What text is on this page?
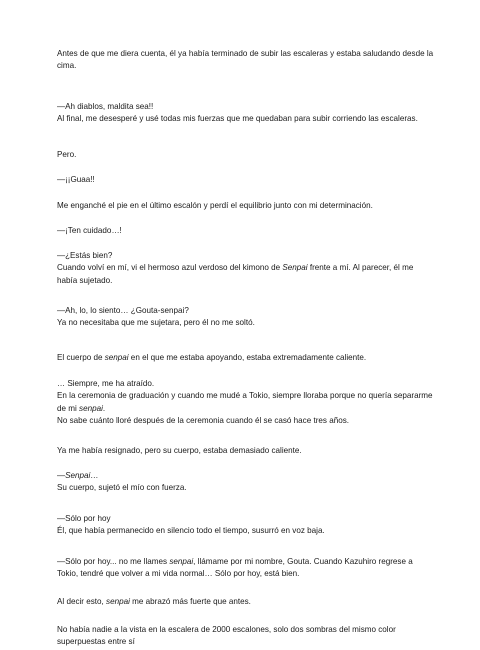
Antes de que me diera cuenta, él ya había terminado de subir las escaleras y estaba saludando desde la
cima.

—Ah diablos, maldita sea!!
Al final, me desesperé y usé todas mis fuerzas que me quedaban para subir corriendo las escaleras.

Pero.

—¡¡Guaa!!

Me enganché el pie en el último escalón y perdí el equilibrio junto con mi determinación.

—¡Ten cuidado…!

—¿Estás bien?
Cuando volví en mí, vi el hermoso azul verdoso del kimono de Senpai frente a mí. Al parecer, él me
había sujetado.

—Ah, lo, lo siento… ¿Gouta-senpai?
Ya no necesitaba que me sujetara, pero él no me soltó.

El cuerpo de senpai en el que me estaba apoyando, estaba extremadamente caliente.

… Siempre, me ha atraído.
En la ceremonia de graduación y cuando me mudé a Tokio, siempre lloraba porque no quería separarme
de mi senpai.
No sabe cuánto lloré después de la ceremonia cuando él se casó hace tres años.

Ya me había resignado, pero su cuerpo, estaba demasiado caliente.

—Senpai…
Su cuerpo, sujetó el mío con fuerza.

—Sólo por hoy
Él, que había permanecido en silencio todo el tiempo, susurró en voz baja.

—Sólo por hoy... no me llames senpai, llámame por mi nombre, Gouta. Cuando Kazuhiro regrese a
Tokio, tendré que volver a mi vida normal… Sólo por hoy, está bien.

Al decir esto, senpai me abrazó más fuerte que antes.

No había nadie a la vista en la escalera de 2000 escalones, solo dos sombras del mismo color
superpuestas entre sí
